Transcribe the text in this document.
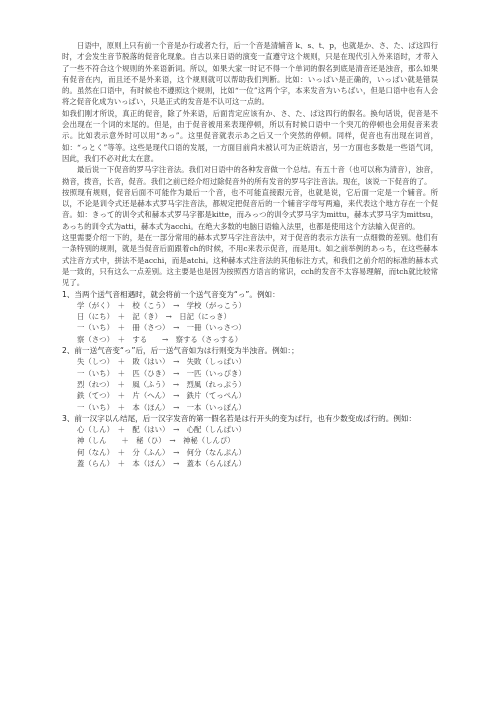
日语中，原则上只有前一个音是か行或者た行，后一个音是清辅音 k、s、t、p，也就是か、さ、た、ぱ这四行时，才会发生音节脱落的促音化现象。自古以来日语的演变一直遵守这个规则，只是在现代引入外来语时，才带入了一些不符合这个规则的外来语新词。所以，如果大家一时记不得一个单词的假名到底是清音还是浊音，那么如果有促音在内，而且还不是外来语，这个规则就可以帮助我们判断。比如：いっぱい是正确的，いっぱい就是错误的。虽然在口语中，有时候也不遵照这个规则，比如“一位”这两个字，本来发音为いちばい，但是口语中也有人会将之促音化成为いっぱい，只是正式的发音是不认可这一点的。

如我们刚才所说，真正的促音，除了外来语，后面肯定应该有か、さ、た、ぱ这四行的假名。换句话说，促音是不会出现在一个词的末尾的。但是，由于促音被用来表现停顿，所以有时候口语中一个突兀的停顿也会用促音来表示。比如表示意外时可以用“あっ”。这里促音就表示あ之后又一个突然的停顿。同样，促音也有出现在词首，如：“っとく”等等。这些是现代口语的发展，一方面目前尚未被认可为正统语言，另一方面也多数是一些语气词，因此，我们不必对此太在意。

最后说一下促音的罗马字注音法。我们对日语中的各种发音做一个总结。有五十音（也可以称为清音），浊音，拗音，拨音，长音，促音。我们之前已经介绍过除促音外的所有发音的罗马字注音法。现在，该说一下促音的了。

按照现有规则，促音后面不可能作为最后一个音，也不可能直接跟元音，也就是说，它后面一定是一个辅音。所以，不论是训令式还是赫本式罗马字注音法，都规定把促音后的一个辅音字母写两遍，来代表这个地方存在一个促音。如：きって的训令式和赫本式罗马字都是kitte，而みっつ的训令式罗马字为mittu，赫本式罗马字为mittsu，あっち的训令式为atti，赫本式为acchi。在绝大多数的电脑日语输入法里，也都是使用这个方法输入促音的。

这里需要介绍一下的，是在一部分常用的赫本式罗马字注音法中，对于促音的表示方法有一点细微的差别。他们有一条特别的规则，就是当促音后面跟着ch的时候，不用c来表示促音，而是用t。如之前举例的あっち，在这些赫本式注音方式中，拼法不是acchi，而是atchi。这种赫本式注音法的其他标注方式，和我们之前介绍的标准的赫本式是一致的，只有这么一点差别。这主要是也是因为按照西方语言的常识，cch的发音不太容易理解，而tch就比较常见了。

1、当两个送气音相遇时，就会将前一个送气音变为“っ”。例如：

学（がく）　＋　校（こう）　→　学校（がっこう）

日（にち）　＋　記（き）　→　日記（にっき）

一（いち）　＋　冊（さつ）　→　一冊（いっさつ）

察（さつ）　＋　する　　→　察する（さっする）

2、前一送气音变“っ”后，后一送气音如为は行则变为半浊音。例如：；

失（しつ）　＋　敗（はい）　→　失敗（しっぱい）

一（いち）　＋　匹（ひき）　→　一匹（いっぴき）

烈（れつ）　＋　風（ふう）　→　烈風（れっぷう）

鉄（てつ）　＋　片（へん）　→　鉄片（てっぺん）

一（いち）　＋　本（ほん）　→　一本（いっぽん）

3、前一汉字以ん结尾，后一汉字发音的第一假名若是は行开头的变为ぱ行，也有少数变成ば行的。例如：

心（しん）　＋　配（はい）　→　心配（しんぱい）

神（しん　　＋　秘（ひ）　→　神秘（しんぴ）

何（なん）　＋　分（ふん）　→　何分（なんぷん）

蓋（らん）　＋　本（ほん）　→　蓋本（らんぽん）
